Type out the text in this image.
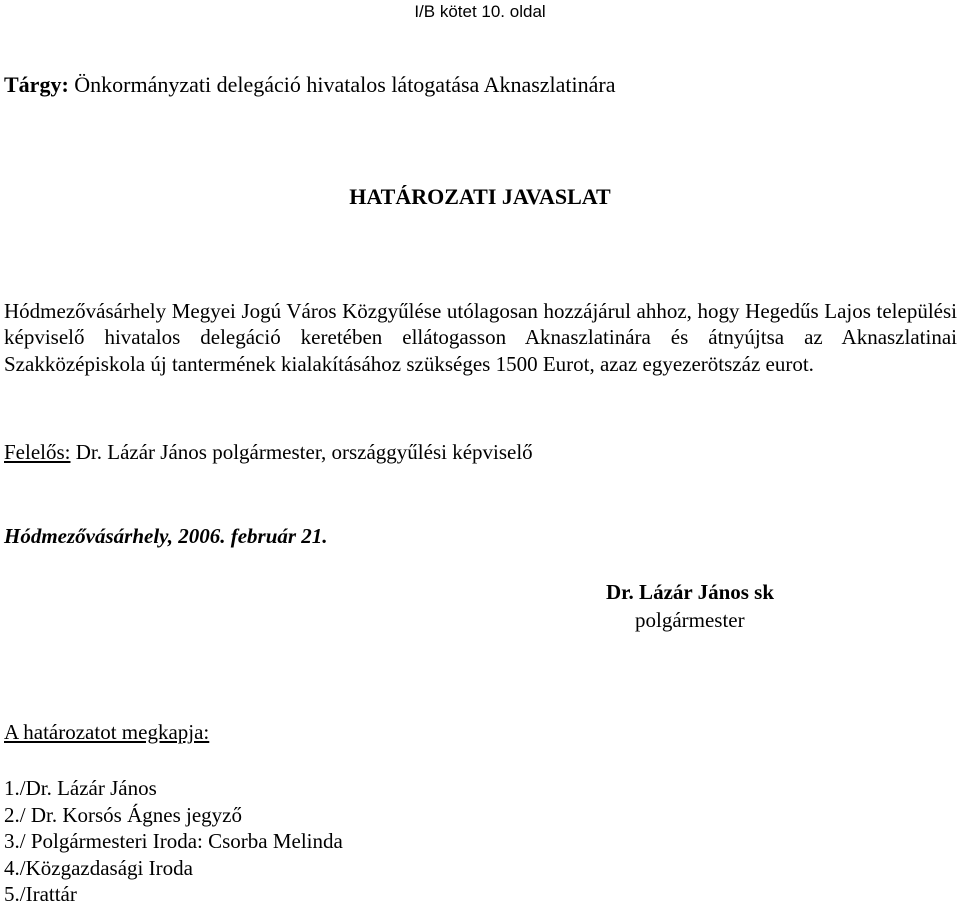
I/B kötet 10. oldal
Tárgy: Önkormányzati delegáció hivatalos látogatása Aknaszlatinára
HATÁROZATI JAVASLAT
Hódmezővásárhely Megyei Jogú Város Közgyűlése utólagosan hozzájárul ahhoz, hogy Hegedűs Lajos települési képviselő hivatalos delegáció keretében ellátogasson Aknaszlatinára és átnyújtsa az Aknaszlatinai Szakközépiskola új tantermének kialakításához szükséges 1500 Eurot, azaz egyezerötszáz eurot.
Felelős: Dr. Lázár János polgármester, országgyűlési képviselő
Hódmezővásárhely, 2006. február 21.
Dr. Lázár János sk
polgármester
A határozatot megkapja:
1./Dr. Lázár János
2./ Dr. Korsós Ágnes jegyző
3./ Polgármesteri Iroda: Csorba Melinda
4./Közgazdasági Iroda
5./Irattár
